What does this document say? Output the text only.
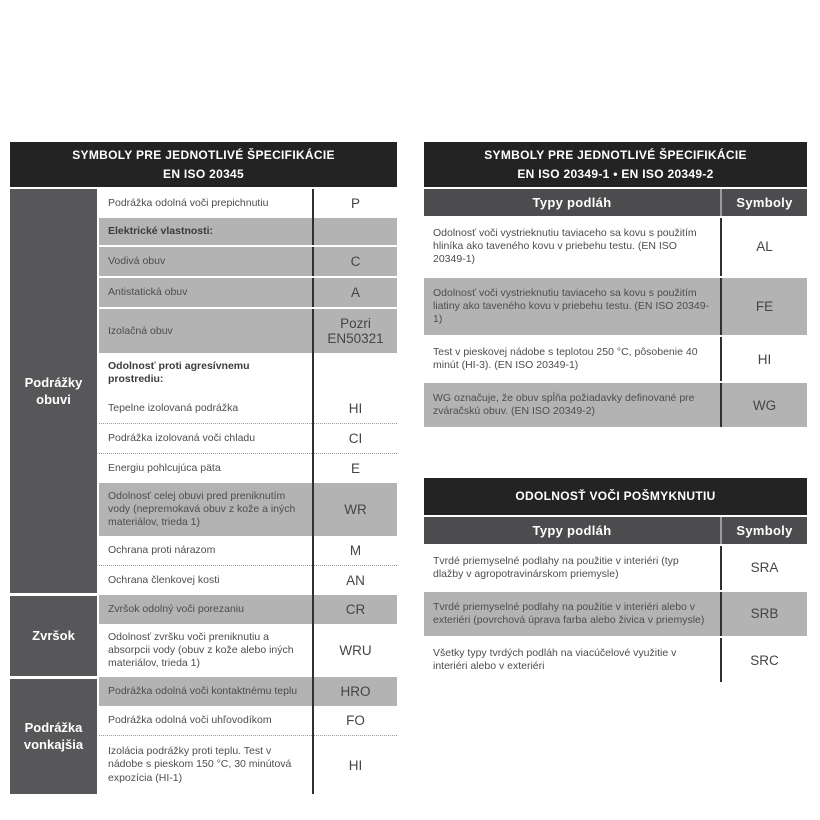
SYMBOLY PRE JEDNOTLIVÉ ŠPECIFIKÁCIE
EN ISO 20345		
Podrážky obuvi	Podrážka odolná voči prepichnutiu	P
	Elektrické vlastnosti:	
	Vodivá obuv	C
	Antistatická obuv	A
	Izolačná obuv	Pozri EN50321
	Odolnosť proti agresívnemu prostrediu:	
	Tepelne izolovaná podrážka	HI
	Podrážka izolovaná voči chladu	CI
	Energiu pohlcujúca päta	E
	Odolnosť celej obuvi pred preniknutím vody (nepremokavá obuv z kože a iných materiálov, trieda 1)	WR
	Ochrana proti nárazom	M
	Ochrana členkovej kosti	AN
Zvršok	Zvršok odolný voči porezaniu	CR
	Odolnosť zvršku voči preniknutiu a absorpcii vody (obuv z kože alebo iných materiálov, trieda 1)	WRU
Podrážka vonkajšia	Podrážka odolná voči kontaktnému teplu	HRO
	Podrážka odolná voči uhľovodíkom	FO
	Izolácia podrážky proti teplu. Test v nádobe s pieskom 150 °C, 30 minútová expozícia (HI-1)	HI
SYMBOLY PRE JEDNOTLIVÉ ŠPECIFIKÁCIE
EN ISO 20349-1 • EN ISO 20349-2	
Typy podláh	Symboly
Odolnosť voči vystrieknutiu taviaceho sa kovu s použitím hliníka ako taveného kovu v priebehu testu. (EN ISO 20349-1)	AL
Odolnosť voči vystrieknutiu taviaceho sa kovu s použitím liatiny ako taveného kovu v priebehu testu. (EN ISO 20349-1)	FE
Test v pieskovej nádobe s teplotou 250 °C, pôsobenie 40 minút (HI-3). (EN ISO 20349-1)	HI
WG označuje, že obuv spĺňa požiadavky definované pre zváračskú obuv. (EN ISO 20349-2)	WG
ODOLNOSŤ VOČI POŠMYKNUTIU	
Typy podláh	Symboly
Tvrdé priemyselné podlahy na použitie v interiéri (typ dlažby v agropotravinárskom priemysle)	SRA
Tvrdé priemyselné podlahy na použitie v interiéri alebo v exteriéri (povrchová úprava farba alebo živica v priemysle)	SRB
Všetky typy tvrdých podláh na viacúčelové využitie v interiéri alebo v exteriéri	SRC
